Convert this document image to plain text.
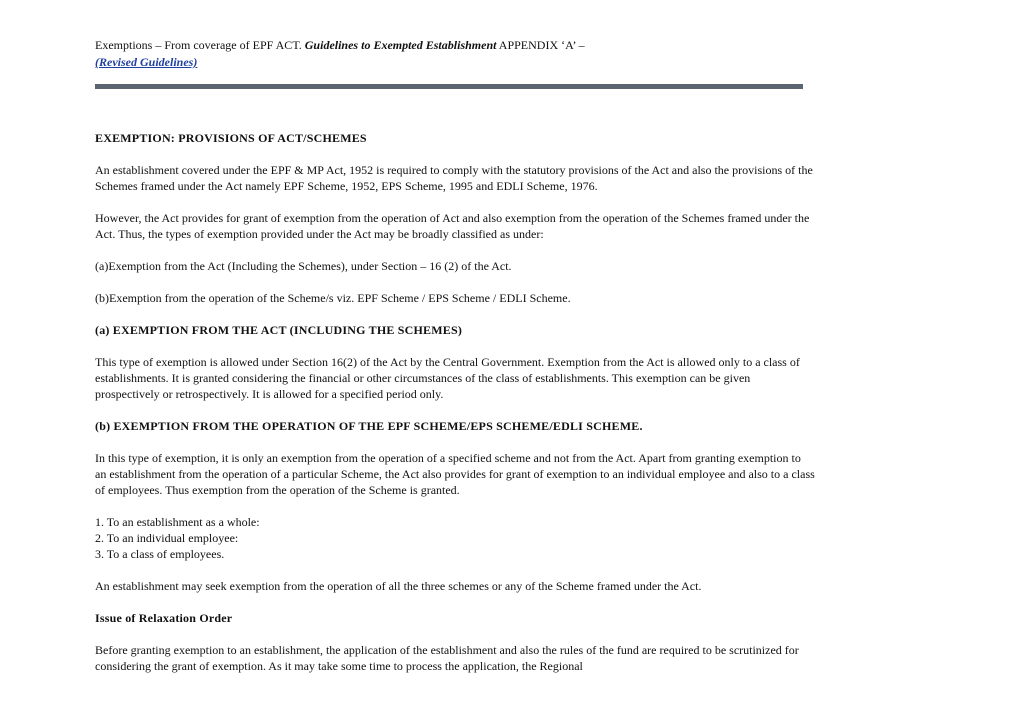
Exemptions – From coverage of EPF ACT. Guidelines to Exempted Establishment APPENDIX ‘A’ –
(Revised Guidelines)

EXEMPTION: PROVISIONS OF ACT/SCHEMES

An establishment covered under the EPF & MP Act, 1952 is required to comply with the statutory provisions of the Act and also the provisions of the Schemes framed under the Act namely EPF Scheme, 1952, EPS Scheme, 1995 and EDLI Scheme, 1976.

However, the Act provides for grant of exemption from the operation of Act and also exemption from the operation of the Schemes framed under the Act. Thus, the types of exemption provided under the Act may be broadly classified as under:

(a)Exemption from the Act (Including the Schemes), under Section – 16 (2) of the Act.

(b)Exemption from the operation of the Scheme/s viz. EPF Scheme / EPS Scheme / EDLI Scheme.

(a) EXEMPTION FROM THE ACT (INCLUDING THE SCHEMES)

This type of exemption is allowed under Section 16(2) of the Act by the Central Government. Exemption from the Act is allowed only to a class of establishments. It is granted considering the financial or other circumstances of the class of establishments. This exemption can be given prospectively or retrospectively. It is allowed for a specified period only.

(b) EXEMPTION FROM THE OPERATION OF THE EPF SCHEME/EPS SCHEME/EDLI SCHEME.

In this type of exemption, it is only an exemption from the operation of a specified scheme and not from the Act. Apart from granting exemption to an establishment from the operation of a particular Scheme, the Act also provides for grant of exemption to an individual employee and also to a class of employees. Thus exemption from the operation of the Scheme is granted.

1. To an establishment as a whole:
2. To an individual employee:
3. To a class of employees.

An establishment may seek exemption from the operation of all the three schemes or any of the Scheme framed under the Act.

Issue of Relaxation Order

Before granting exemption to an establishment, the application of the establishment and also the rules of the fund are required to be scrutinized for considering the grant of exemption. As it may take some time to process the application, the Regional
